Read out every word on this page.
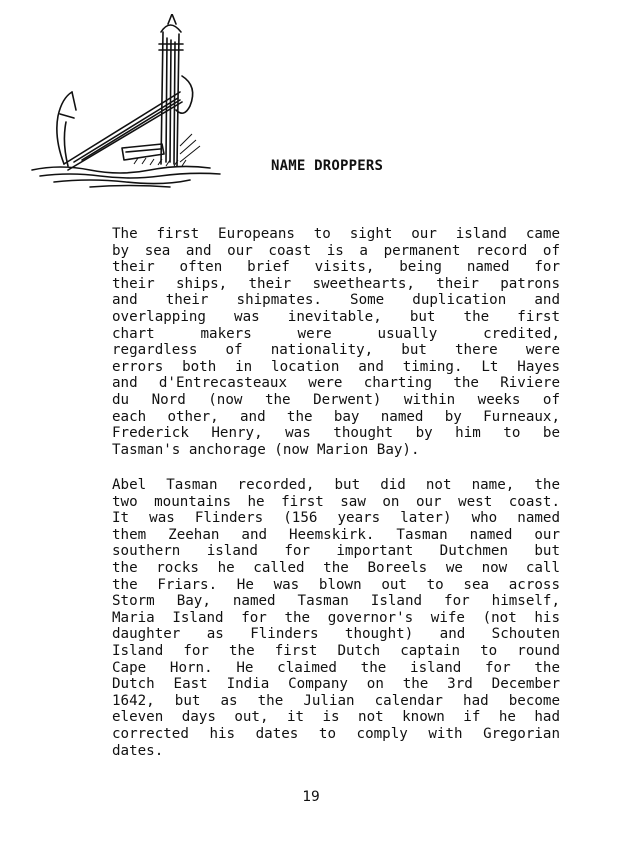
NAME DROPPERS
The first Europeans to sight our island came
by sea and our coast is a permanent record of
their often brief visits, being named for
their ships, their sweethearts, their patrons
and their shipmates. Some duplication and
overlapping was inevitable, but the first
chart makers were usually credited,
regardless of nationality, but there were
errors both in location and timing. Lt Hayes
and d'Entrecasteaux were charting the Riviere
du Nord (now the Derwent) within weeks of
each other, and the bay named by Furneaux,
Frederick Henry, was thought by him to be
Tasman's anchorage (now Marion Bay).
Abel Tasman recorded, but did not name, the
two mountains he first saw on our west coast.
It was Flinders (156 years later) who named
them Zeehan and Heemskirk. Tasman named our
southern island for important Dutchmen but
the rocks he called the Boreels we now call
the Friars. He was blown out to sea across
Storm Bay, named Tasman Island for himself,
Maria Island for the governor's wife (not his
daughter as Flinders thought) and Schouten
Island for the first Dutch captain to round
Cape Horn. He claimed the island for the
Dutch East India Company on the 3rd December
1642, but as the Julian calendar had become
eleven days out, it is not known if he had
corrected his dates to comply with Gregorian
dates.

19
